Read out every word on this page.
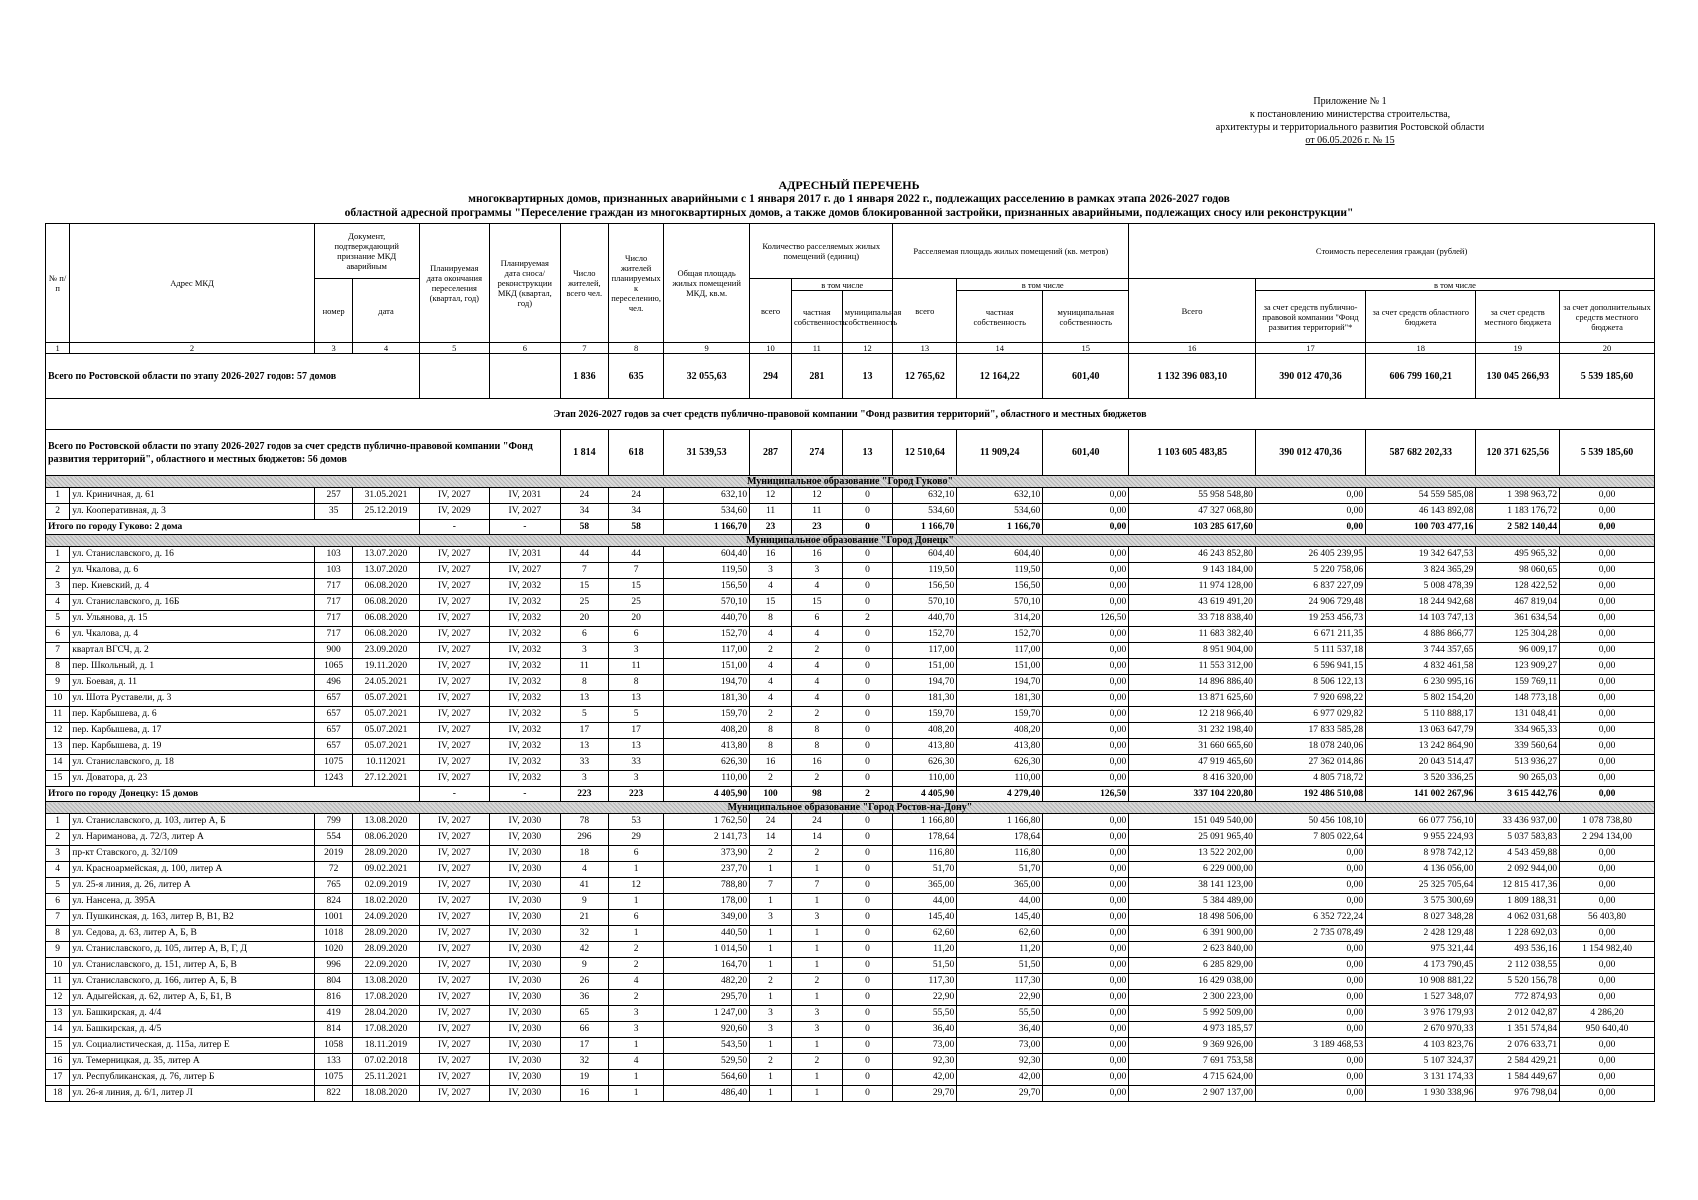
Приложение № 1
к постановлению министерства строительства,
архитектуры и территориального развития Ростовской области
от 06.05.2026 г. № 15
АДРЕСНЫЙ ПЕРЕЧЕНЬ
многоквартирных домов, признанных аварийными с 1 января 2017 г. до 1 января 2022 г., подлежащих расселению в рамках этапа 2026-2027 годов
областной адресной программы "Переселение граждан из многоквартирных домов, а также домов блокированной застройки, признанных аварийными, подлежащих сносу или реконструкции"
№ п/п	Адрес МКД	Документ, подтверждающий признание МКД аварийным		Планируемая дата окончания переселения (квартал, год)	Планируемая дата сноса/реконструкции МКД (квартал, год)	Число жителей, всего чел.	Число жителей планируемых к переселению, чел.	Общая площадь жилых помещений МКД, кв.м.	Количество расселяемых жилых помещений (единиц)			Расселяемая площадь жилых помещений (кв. метров)			Стоимость переселения граждан (рублей)				
		номер	дата						всего	в том числе		всего	в том числе		Всего	в том числе			
										частная собственность	муниципальная собственность		частная собственность	муниципальная собственность		за счет средств публично-правовой компании "Фонд развития территорий"*	за счет средств областного бюджета	за счет средств местного бюджета	за счет дополнительных средств местного бюджета
1	2	3	4	5	6	7	8	9	10	11	12	13	14	15	16	17	18	19	20
Всего по Ростовской области по этапу 2026-2027 годов: 57 домов						1 836	635	32 055,63	294	281	13	12 765,62	12 164,22	601,40	1 132 396 083,10	390 012 470,36	606 799 160,21	130 045 266,93	5 539 185,60
Этап 2026-2027 годов за счет средств публично-правовой компании "Фонд развития территорий", областного и местных бюджетов																			
Всего по Ростовской области по этапу 2026-2027 годов за счет средств публично-правовой компании "Фонд развития территорий", областного и местных бюджетов: 56 домов						1 814	618	31 539,53	287	274	13	12 510,64	11 909,24	601,40	1 103 605 483,85	390 012 470,36	587 682 202,33	120 371 625,56	5 539 185,60
Муниципальное образование "Город Гуково"																			
1	ул. Криничная, д. 61	257	31.05.2021	IV, 2027	IV, 2031	24	24	632,10	12	12	0	632,10	632,10	0,00	55 958 548,80	0,00	54 559 585,08	1 398 963,72	0,00
2	ул. Кооперативная, д. 3	35	25.12.2019	IV, 2029	IV, 2027	34	34	534,60	11	11	0	534,60	534,60	0,00	47 327 068,80	0,00	46 143 892,08	1 183 176,72	0,00
Итого по городу Гуково: 2 дома				-	-	58	58	1 166,70	23	23	0	1 166,70	1 166,70	0,00	103 285 617,60	0,00	100 703 477,16	2 582 140,44	0,00
Муниципальное образование "Город Донецк"																			
1	ул. Станиславского, д. 16	103	13.07.2020	IV, 2027	IV, 2031	44	44	604,40	16	16	0	604,40	604,40	0,00	46 243 852,80	26 405 239,95	19 342 647,53	495 965,32	0,00
2	ул. Чкалова, д. 6	103	13.07.2020	IV, 2027	IV, 2027	7	7	119,50	3	3	0	119,50	119,50	0,00	9 143 184,00	5 220 758,06	3 824 365,29	98 060,65	0,00
3	пер. Киевский, д. 4	717	06.08.2020	IV, 2027	IV, 2032	15	15	156,50	4	4	0	156,50	156,50	0,00	11 974 128,00	6 837 227,09	5 008 478,39	128 422,52	0,00
4	ул. Станиславского, д. 16Б	717	06.08.2020	IV, 2027	IV, 2032	25	25	570,10	15	15	0	570,10	570,10	0,00	43 619 491,20	24 906 729,48	18 244 942,68	467 819,04	0,00
5	ул. Ульянова, д. 15	717	06.08.2020	IV, 2027	IV, 2032	20	20	440,70	8	6	2	440,70	314,20	126,50	33 718 838,40	19 253 456,73	14 103 747,13	361 634,54	0,00
6	ул. Чкалова, д. 4	717	06.08.2020	IV, 2027	IV, 2032	6	6	152,70	4	4	0	152,70	152,70	0,00	11 683 382,40	6 671 211,35	4 886 866,77	125 304,28	0,00
7	квартал ВГСЧ, д. 2	900	23.09.2020	IV, 2027	IV, 2032	3	3	117,00	2	2	0	117,00	117,00	0,00	8 951 904,00	5 111 537,18	3 744 357,65	96 009,17	0,00
8	пер. Школьный, д. 1	1065	19.11.2020	IV, 2027	IV, 2032	11	11	151,00	4	4	0	151,00	151,00	0,00	11 553 312,00	6 596 941,15	4 832 461,58	123 909,27	0,00
9	ул. Боевая, д. 11	496	24.05.2021	IV, 2027	IV, 2032	8	8	194,70	4	4	0	194,70	194,70	0,00	14 896 886,40	8 506 122,13	6 230 995,16	159 769,11	0,00
10	ул. Шота Руставели, д. 3	657	05.07.2021	IV, 2027	IV, 2032	13	13	181,30	4	4	0	181,30	181,30	0,00	13 871 625,60	7 920 698,22	5 802 154,20	148 773,18	0,00
11	пер. Карбышева, д. 6	657	05.07.2021	IV, 2027	IV, 2032	5	5	159,70	2	2	0	159,70	159,70	0,00	12 218 966,40	6 977 029,82	5 110 888,17	131 048,41	0,00
12	пер. Карбышева, д. 17	657	05.07.2021	IV, 2027	IV, 2032	17	17	408,20	8	8	0	408,20	408,20	0,00	31 232 198,40	17 833 585,28	13 063 647,79	334 965,33	0,00
13	пер. Карбышева, д. 19	657	05.07.2021	IV, 2027	IV, 2032	13	13	413,80	8	8	0	413,80	413,80	0,00	31 660 665,60	18 078 240,06	13 242 864,90	339 560,64	0,00
14	ул. Станиславского, д. 18	1075	10.112021	IV, 2027	IV, 2032	33	33	626,30	16	16	0	626,30	626,30	0,00	47 919 465,60	27 362 014,86	20 043 514,47	513 936,27	0,00
15	ул. Доватора, д. 23	1243	27.12.2021	IV, 2027	IV, 2032	3	3	110,00	2	2	0	110,00	110,00	0,00	8 416 320,00	4 805 718,72	3 520 336,25	90 265,03	0,00
Итого по городу Донецку: 15 домов				-	-	223	223	4 405,90	100	98	2	4 405,90	4 279,40	126,50	337 104 220,80	192 486 510,08	141 002 267,96	3 615 442,76	0,00
Муниципальное образование "Город Ростов-на-Дону"																			
1	ул. Станиславского, д. 103, литер А, Б	799	13.08.2020	IV, 2027	IV, 2030	78	53	1 762,50	24	24	0	1 166,80	1 166,80	0,00	151 049 540,00	50 456 108,10	66 077 756,10	33 436 937,00	1 078 738,80
2	ул. Наримановa, д. 72/3, литер А	554	08.06.2020	IV, 2027	IV, 2030	296	29	2 141,73	14	14	0	178,64	178,64	0,00	25 091 965,40	7 805 022,64	9 955 224,93	5 037 583,83	2 294 134,00
3	пр-кт Ставского, д. 32/109	2019	28.09.2020	IV, 2027	IV, 2030	18	6	373,90	2	2	0	116,80	116,80	0,00	13 522 202,00	0,00	8 978 742,12	4 543 459,88	0,00
4	ул. Красноармейская, д. 100, литер А	72	09.02.2021	IV, 2027	IV, 2030	4	1	237,70	1	1	0	51,70	51,70	0,00	6 229 000,00	0,00	4 136 056,00	2 092 944,00	0,00
5	ул. 25-я линия, д. 26, литер А	765	02.09.2019	IV, 2027	IV, 2030	41	12	788,80	7	7	0	365,00	365,00	0,00	38 141 123,00	0,00	25 325 705,64	12 815 417,36	0,00
6	ул. Нансена, д. 395А	824	18.02.2020	IV, 2027	IV, 2030	9	1	178,00	1	1	0	44,00	44,00	0,00	5 384 489,00	0,00	3 575 300,69	1 809 188,31	0,00
7	ул. Пушкинская, д. 163, литер В, В1, В2	1001	24.09.2020	IV, 2027	IV, 2030	21	6	349,00	3	3	0	145,40	145,40	0,00	18 498 506,00	6 352 722,24	8 027 348,28	4 062 031,68	56 403,80
8	ул. Седова, д. 63, литер А, Б, В	1018	28.09.2020	IV, 2027	IV, 2030	32	1	440,50	1	1	0	62,60	62,60	0,00	6 391 900,00	2 735 078,49	2 428 129,48	1 228 692,03	0,00
9	ул. Станиславского, д. 105, литер А, В, Г, Д	1020	28.09.2020	IV, 2027	IV, 2030	42	2	1 014,50	1	1	0	11,20	11,20	0,00	2 623 840,00	0,00	975 321,44	493 536,16	1 154 982,40
10	ул. Станиславского, д. 151, литер А, Б, В	996	22.09.2020	IV, 2027	IV, 2030	9	2	164,70	1	1	0	51,50	51,50	0,00	6 285 829,00	0,00	4 173 790,45	2 112 038,55	0,00
11	ул. Станиславского, д. 166, литер А, Б, В	804	13.08.2020	IV, 2027	IV, 2030	26	4	482,20	2	2	0	117,30	117,30	0,00	16 429 038,00	0,00	10 908 881,22	5 520 156,78	0,00
12	ул. Адыгейская, д. 62, литер А, Б, Б1, В	816	17.08.2020	IV, 2027	IV, 2030	36	2	295,70	1	1	0	22,90	22,90	0,00	2 300 223,00	0,00	1 527 348,07	772 874,93	0,00
13	ул. Башкирская, д. 4/4	419	28.04.2020	IV, 2027	IV, 2030	65	3	1 247,00	3	3	0	55,50	55,50	0,00	5 992 509,00	0,00	3 976 179,93	2 012 042,87	4 286,20
14	ул. Башкирская, д. 4/5	814	17.08.2020	IV, 2027	IV, 2030	66	3	920,60	3	3	0	36,40	36,40	0,00	4 973 185,57	0,00	2 670 970,33	1 351 574,84	950 640,40
15	ул. Социалистическая, д. 115а, литер Е	1058	18.11.2019	IV, 2027	IV, 2030	17	1	543,50	1	1	0	73,00	73,00	0,00	9 369 926,00	3 189 468,53	4 103 823,76	2 076 633,71	0,00
16	ул. Темерницкая, д. 35, литер А	133	07.02.2018	IV, 2027	IV, 2030	32	4	529,50	2	2	0	92,30	92,30	0,00	7 691 753,58	0,00	5 107 324,37	2 584 429,21	0,00
17	ул. Республиканская, д. 76, литер Б	1075	25.11.2021	IV, 2027	IV, 2030	19	1	564,60	1	1	0	42,00	42,00	0,00	4 715 624,00	0,00	3 131 174,33	1 584 449,67	0,00
18	ул. 26-я линия, д. 6/1, литер Л	822	18.08.2020	IV, 2027	IV, 2030	16	1	486,40	1	1	0	29,70	29,70	0,00	2 907 137,00	0,00	1 930 338,96	976 798,04	0,00
